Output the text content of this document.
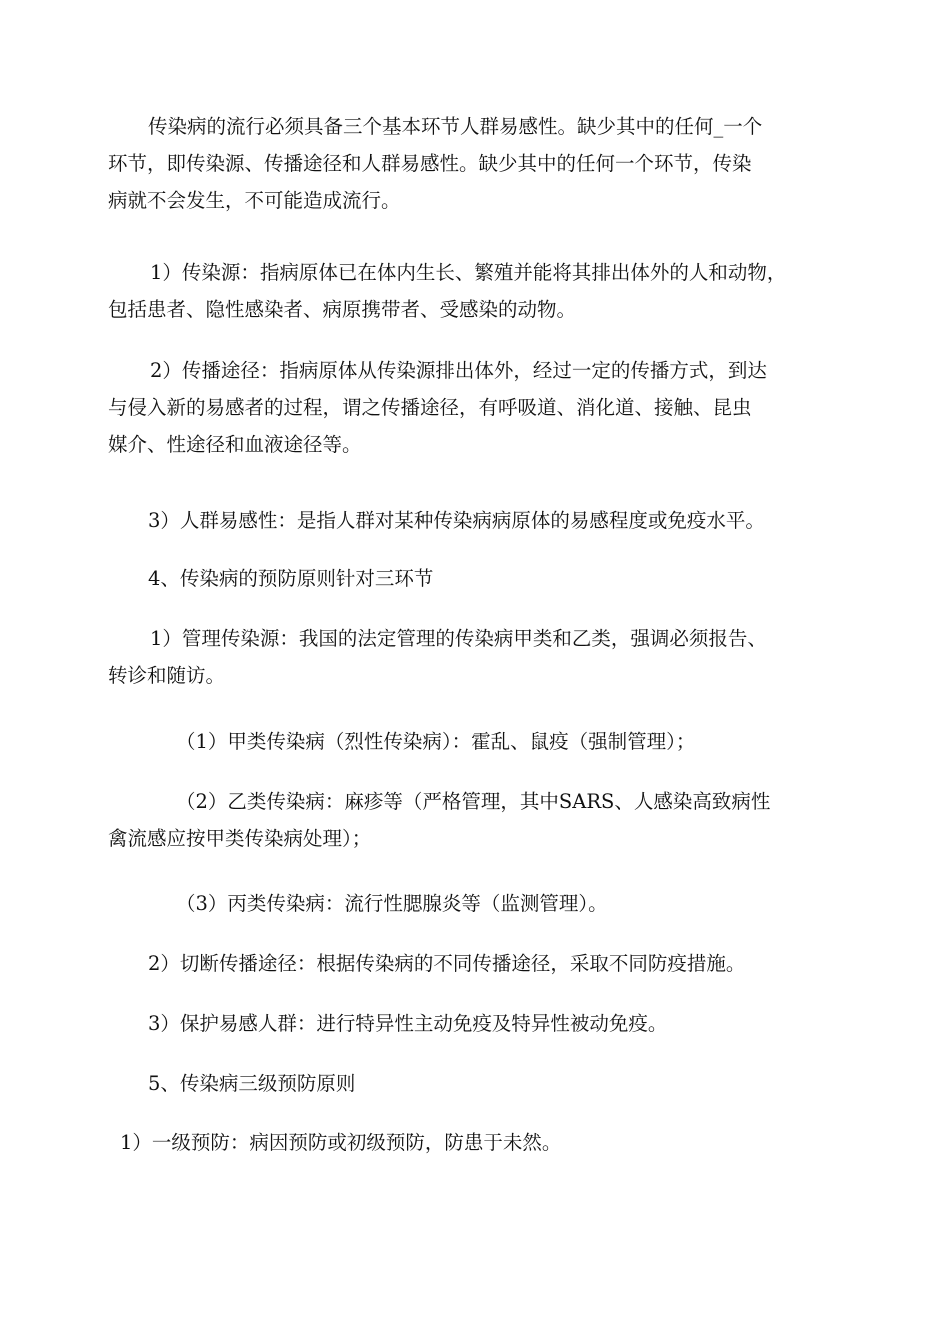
传染病的流行必须具备三个基本环节人群易感性。缺少其中的任何_一个
环节，即传染源、传播途径和人群易感性。缺少其中的任何一个环节，传染
病就不会发生，不可能造成流行。
1）传染源：指病原体已在体内生长、繁殖并能将其排出体外的人和动物，
包括患者、隐性感染者、病原携带者、受感染的动物。
2）传播途径：指病原体从传染源排出体外，经过一定的传播方式，到达
与侵入新的易感者的过程，谓之传播途径，有呼吸道、消化道、接触、昆虫
媒介、性途径和血液途径等。
3）人群易感性：是指人群对某种传染病病原体的易感程度或免疫水平。
4、传染病的预防原则针对三环节
1）管理传染源：我国的法定管理的传染病甲类和乙类，强调必须报告、
转诊和随访。
（1）甲类传染病（烈性传染病）：霍乱、鼠疫（强制管理）；
（2）乙类传染病：麻疹等（严格管理，其中SARS、人感染高致病性
禽流感应按甲类传染病处理）；
（3）丙类传染病：流行性腮腺炎等（监测管理）。
2）切断传播途径：根据传染病的不同传播途径，采取不同防疫措施。
3）保护易感人群：进行特异性主动免疫及特异性被动免疫。
5、传染病三级预防原则
1）一级预防：病因预防或初级预防，防患于未然。
